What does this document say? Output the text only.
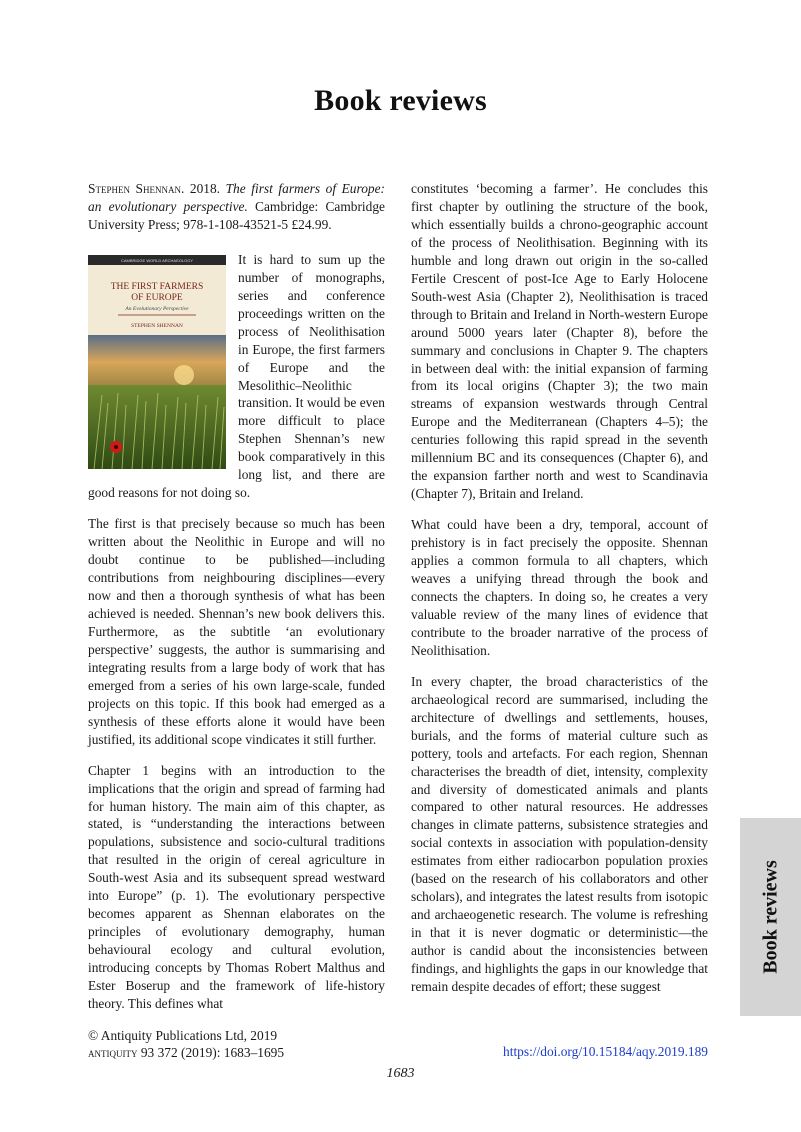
Book reviews

Stephen Shennan. 2018. The first farmers of Europe: an evolutionary perspective. Cambridge: Cambridge University Press; 978-1-108-43521-5 £24.99.

CAMBRIDGE WORLD ARCHAEOLOGY
THE FIRST FARMERS
OF EUROPE
An Evolutionary Perspective
STEPHEN SHENNAN
It is hard to sum up the number of monographs, series and conference proceedings written on the process of Neolithisation in Europe, the first farmers of Europe and the Mesolithic–Neolithic transition. It would be even more difficult to place Stephen Shennan’s new book comparatively in this long list, and there are good reasons for not doing so.

The first is that precisely because so much has been written about the Neolithic in Europe and will no doubt continue to be published—including contributions from neighbouring disciplines—every now and then a thorough synthesis of what has been achieved is needed. Shennan’s new book delivers this. Furthermore, as the subtitle ‘an evolutionary perspective’ suggests, the author is summarising and integrating results from a large body of work that has emerged from a series of his own large-scale, funded projects on this topic. If this book had emerged as a synthesis of these efforts alone it would have been justified, its additional scope vindicates it still further.

Chapter 1 begins with an introduction to the implications that the origin and spread of farming had for human history. The main aim of this chapter, as stated, is “understanding the interactions between populations, subsistence and socio-cultural traditions that resulted in the origin of cereal agriculture in South-west Asia and its subsequent spread westward into Europe” (p. 1). The evolutionary perspective becomes apparent as Shennan elaborates on the principles of evolutionary demography, human behavioural ecology and cultural evolution, introducing concepts by Thomas Robert Malthus and Ester Boserup and the framework of life-history theory. This defines what

constitutes ‘becoming a farmer’. He concludes this first chapter by outlining the structure of the book, which essentially builds a chrono-geographic account of the process of Neolithisation. Beginning with its humble and long drawn out origin in the so-called Fertile Crescent of post-Ice Age to Early Holocene South-west Asia (Chapter 2), Neolithisation is traced through to Britain and Ireland in North-western Europe around 5000 years later (Chapter 8), before the summary and conclusions in Chapter 9. The chapters in between deal with: the initial expansion of farming from its local origins (Chapter 3); the two main streams of expansion westwards through Central Europe and the Mediterranean (Chapters 4–5); the centuries following this rapid spread in the seventh millennium BC and its consequences (Chapter 6), and the expansion farther north and west to Scandinavia (Chapter 7), Britain and Ireland.

What could have been a dry, temporal, account of prehistory is in fact precisely the opposite. Shennan applies a common formula to all chapters, which weaves a unifying thread through the book and connects the chapters. In doing so, he creates a very valuable review of the many lines of evidence that contribute to the broader narrative of the process of Neolithisation.

In every chapter, the broad characteristics of the archaeological record are summarised, including the architecture of dwellings and settlements, houses, burials, and the forms of material culture such as pottery, tools and artefacts. For each region, Shennan characterises the breadth of diet, intensity, complexity and diversity of domesticated animals and plants compared to other natural resources. He addresses changes in climate patterns, subsistence strategies and social contexts in association with population-density estimates from either radiocarbon population proxies (based on the research of his collaborators and other scholars), and integrates the latest results from isotopic and archaeogenetic research. The volume is refreshing in that it is never dogmatic or deterministic—the author is candid about the inconsistencies between findings, and highlights the gaps in our knowledge that remain despite decades of effort; these suggest

Book reviews
© Antiquity Publications Ltd, 2019
antiquity 93 372 (2019): 1683–1695	https://doi.org/10.15184/aqy.2019.189
1683
